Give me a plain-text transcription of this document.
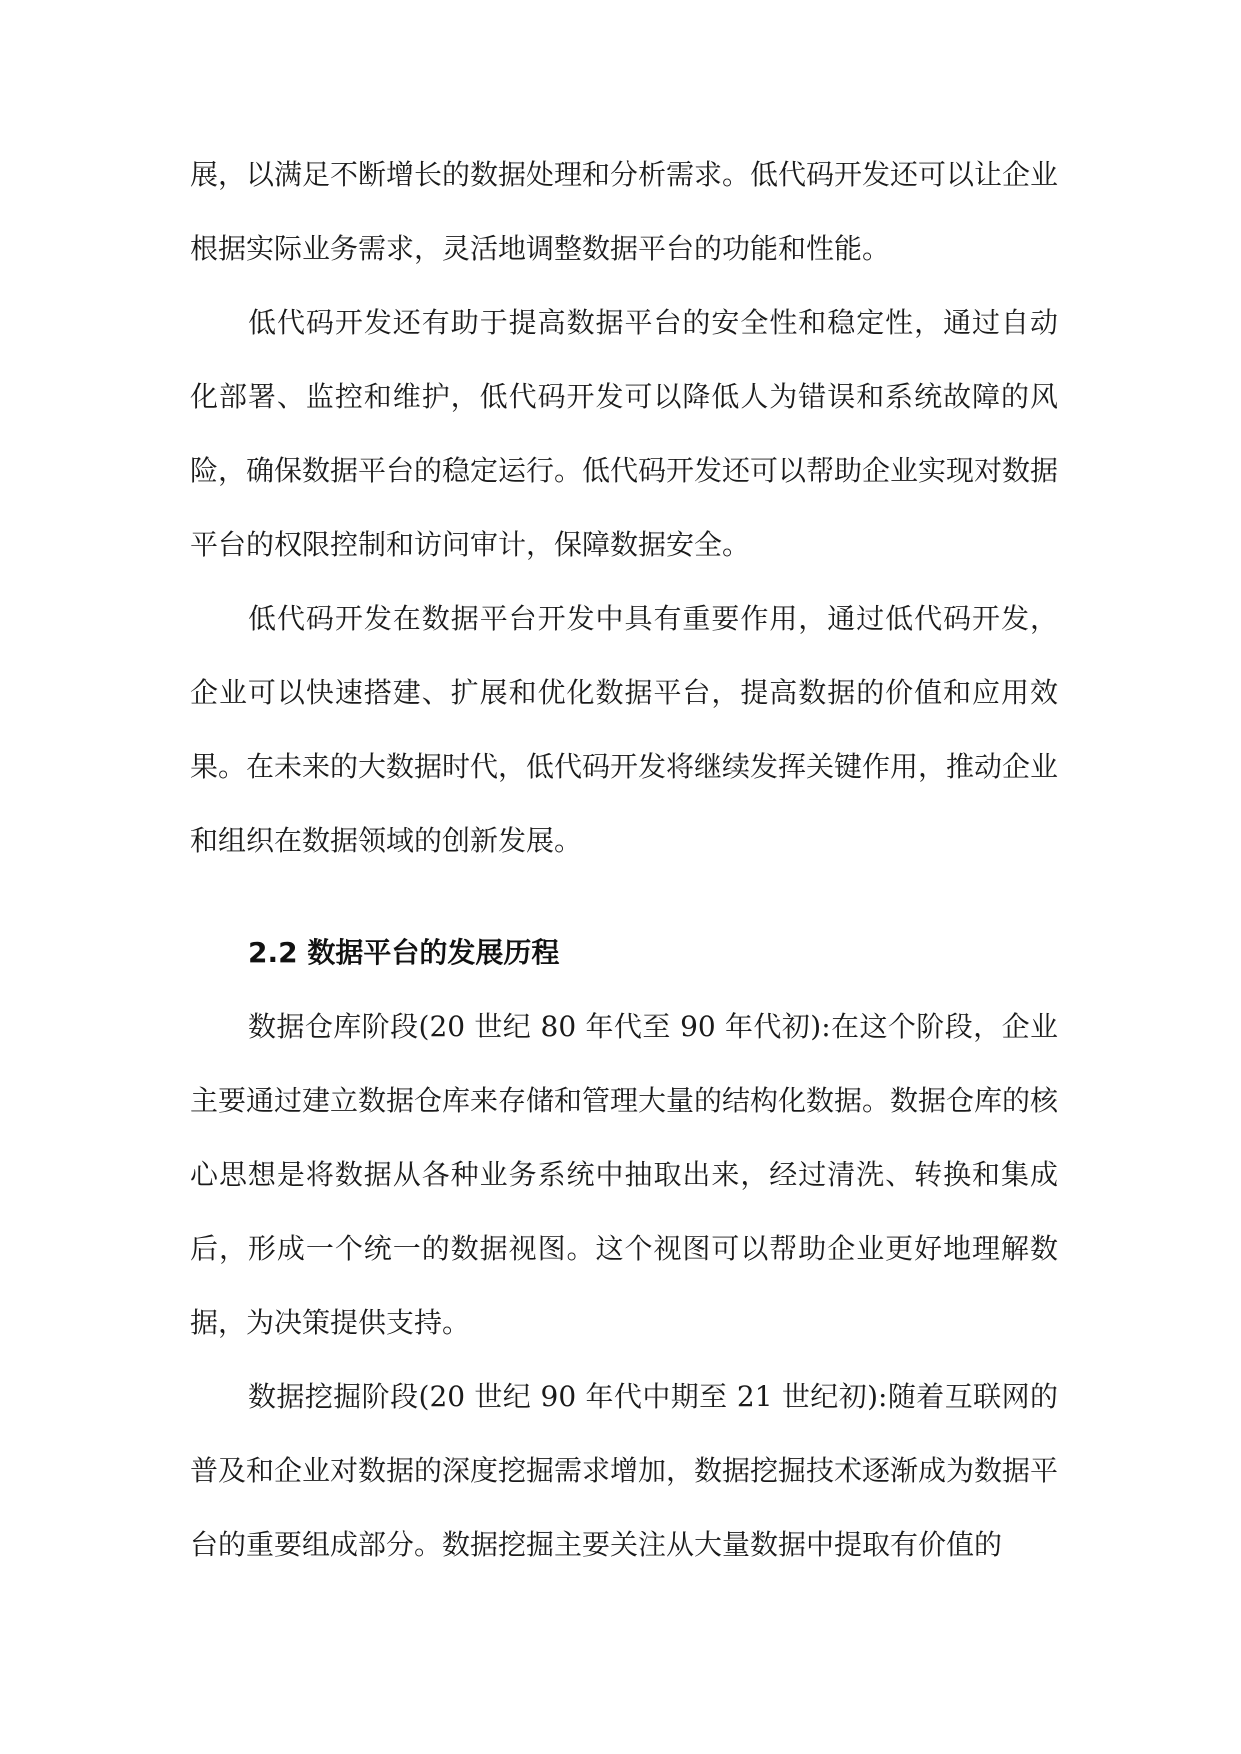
展，以满足不断增长的数据处理和分析需求。低代码开发还可以让企业根据实际业务需求，灵活地调整数据平台的功能和性能。

低代码开发还有助于提高数据平台的安全性和稳定性，通过自动化部署、监控和维护，低代码开发可以降低人为错误和系统故障的风险，确保数据平台的稳定运行。低代码开发还可以帮助企业实现对数据平台的权限控制和访问审计，保障数据安全。

低代码开发在数据平台开发中具有重要作用，通过低代码开发，企业可以快速搭建、扩展和优化数据平台，提高数据的价值和应用效果。在未来的大数据时代，低代码开发将继续发挥关键作用，推动企业和组织在数据领域的创新发展。

2.2 数据平台的发展历程

数据仓库阶段(20 世纪 80 年代至 90 年代初):在这个阶段，企业主要通过建立数据仓库来存储和管理大量的结构化数据。数据仓库的核心思想是将数据从各种业务系统中抽取出来，经过清洗、转换和集成后，形成一个统一的数据视图。这个视图可以帮助企业更好地理解数据，为决策提供支持。

数据挖掘阶段(20 世纪 90 年代中期至 21 世纪初):随着互联网的普及和企业对数据的深度挖掘需求增加，数据挖掘技术逐渐成为数据平台的重要组成部分。数据挖掘主要关注从大量数据中提取有价值的
